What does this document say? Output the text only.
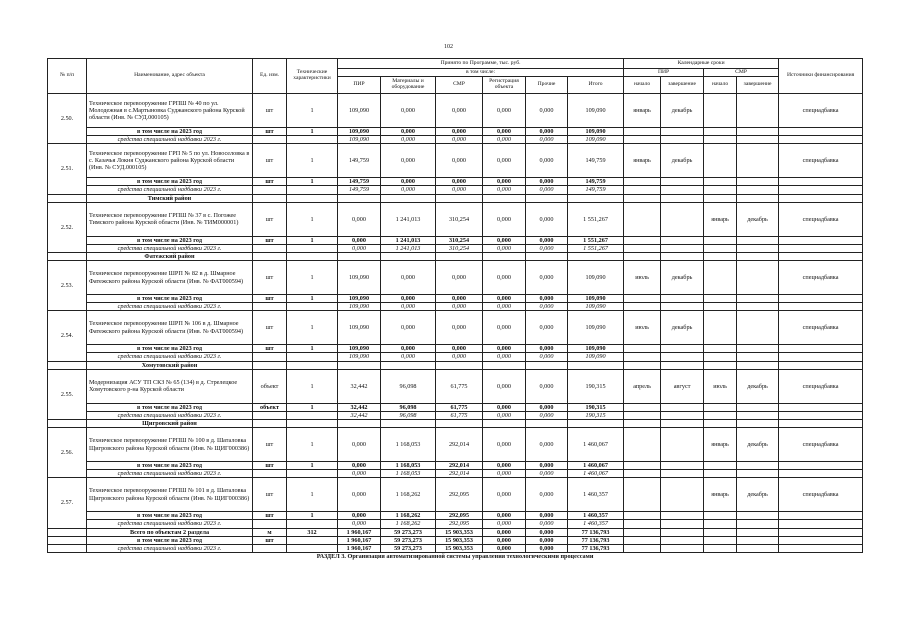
102
№ п/п	Наименование, адрес объекта	Ед. изм.	Технические характеристики	Принято по Программе, тыс. руб.						Календарные сроки				Источники финансирования
				в том числе:						ПИР		СМР		
				ПИР	Материалы и оборудование	СМР	Регистрация объекта	Прочие	Итого	начало	завершение	начало	завершение	
2.50.	Техническое перевооружение ГРПШ № 40 по ул. Молодежная в с.Мартыновка Суджанского района Курской области (Инв. № СУД.000105)	шт	1	109,090	0,000	0,000	0,000	0,000	109,090	январь	декабрь			спецнадбавка
	в том числе на 2023 год	шт	1	109,090	0,000	0,000	0,000	0,000	109,090					
	средства специальной надбавки 2023 г.			109,090	0,000	0,000	0,000	0,000	109,090					
2.51.	Техническое перевооружение ГРП № 5 по ул. Новоселовка в с. Казачья Локня Суджанского района Курской области (Инв. № СУД.000105)	шт	1	149,759	0,000	0,000	0,000	0,000	149,759	январь	декабрь			спецнадбавка
	в том числе на 2023 год	шт	1	149,759	0,000	0,000	0,000	0,000	149,759					
	средства специальной надбавки 2023 г.			149,759	0,000	0,000	0,000	0,000	149,759					
	Тимский район													
2.52.	Техническое перевооружение ГРПШ № 37 в с. Погожее Тимского района Курской области (Инв. № ТИМ000001)	шт	1	0,000	1 241,013	310,254	0,000	0,000	1 551,267			январь	декабрь	спецнадбавка
	в том числе на 2023 год	шт	1	0,000	1 241,013	310,254	0,000	0,000	1 551,267					
	средства специальной надбавки 2023 г.			0,000	1 241,013	310,254	0,000	0,000	1 551,267					
	Фатежский район													
2.53.	Техническое перевооружение ШРП № 82 в д. Шмарное Фатежского района Курской области (Инв. № ФАТ000594)	шт	1	109,090	0,000	0,000	0,000	0,000	109,090	июль	декабрь			спецнадбавка
	в том числе на 2023 год	шт	1	109,090	0,000	0,000	0,000	0,000	109,090					
	средства специальной надбавки 2023 г.			109,090	0,000	0,000	0,000	0,000	109,090					
2.54.	Техническое перевооружение ШРП № 106 в д. Шмарное Фатежского района Курской области (Инв. № ФАТ000594)	шт	1	109,090	0,000	0,000	0,000	0,000	109,090	июль	декабрь			спецнадбавка
	в том числе на 2023 год	шт	1	109,090	0,000	0,000	0,000	0,000	109,090					
	средства специальной надбавки 2023 г.			109,090	0,000	0,000	0,000	0,000	109,090					
	Хомутовский район													
2.55.	Модернизация АСУ ТП СКЗ № 65 (134) в д. Стрелецкое Хомутовского р-на Курской области	объект	1	32,442	96,098	61,775	0,000	0,000	190,315	апрель	август	июль	декабрь	спецнадбавка
	в том числе на 2023 год	объект	1	32,442	96,098	61,775	0,000	0,000	190,315					
	средства специальной надбавки 2023 г.			32,442	96,098	61,775	0,000	0,000	190,315					
	Щигровский район													
2.56.	Техническое перевооружение ГРПШ № 100 в д. Шаталовка Щигровского района Курской области (Инв. № ЩИГ000386)	шт	1	0,000	1 168,053	292,014	0,000	0,000	1 460,067			январь	декабрь	спецнадбавка
	в том числе на 2023 год	шт	1	0,000	1 168,053	292,014	0,000	0,000	1 460,067					
	средства специальной надбавки 2023 г.			0,000	1 168,053	292,014	0,000	0,000	1 460,067					
2.57.	Техническое перевооружение ГРПШ № 101 в д. Шаталовка Щигровского района Курской области (Инв. № ЩИГ000386)	шт	1	0,000	1 168,262	292,095	0,000	0,000	1 460,357			январь	декабрь	спецнадбавка
	в том числе на 2023 год	шт	1	0,000	1 168,262	292,095	0,000	0,000	1 460,357					
	средства специальной надбавки 2023 г.			0,000	1 168,262	292,095	0,000	0,000	1 460,357					
	Всего по объектам 2 раздела	м	312	1 960,167	59 273,273	15 903,353	0,000	0,000	77 136,793					
	в том числе на 2023 год	шт		1 960,167	59 273,273	15 903,353	0,000	0,000	77 136,793					
	средства специальной надбавки 2023 г.			1 960,167	59 273,273	15 903,353	0,000	0,000	77 136,793					
РАЗДЕЛ 3. Организация автоматизированной системы управления технологическими процессами														
